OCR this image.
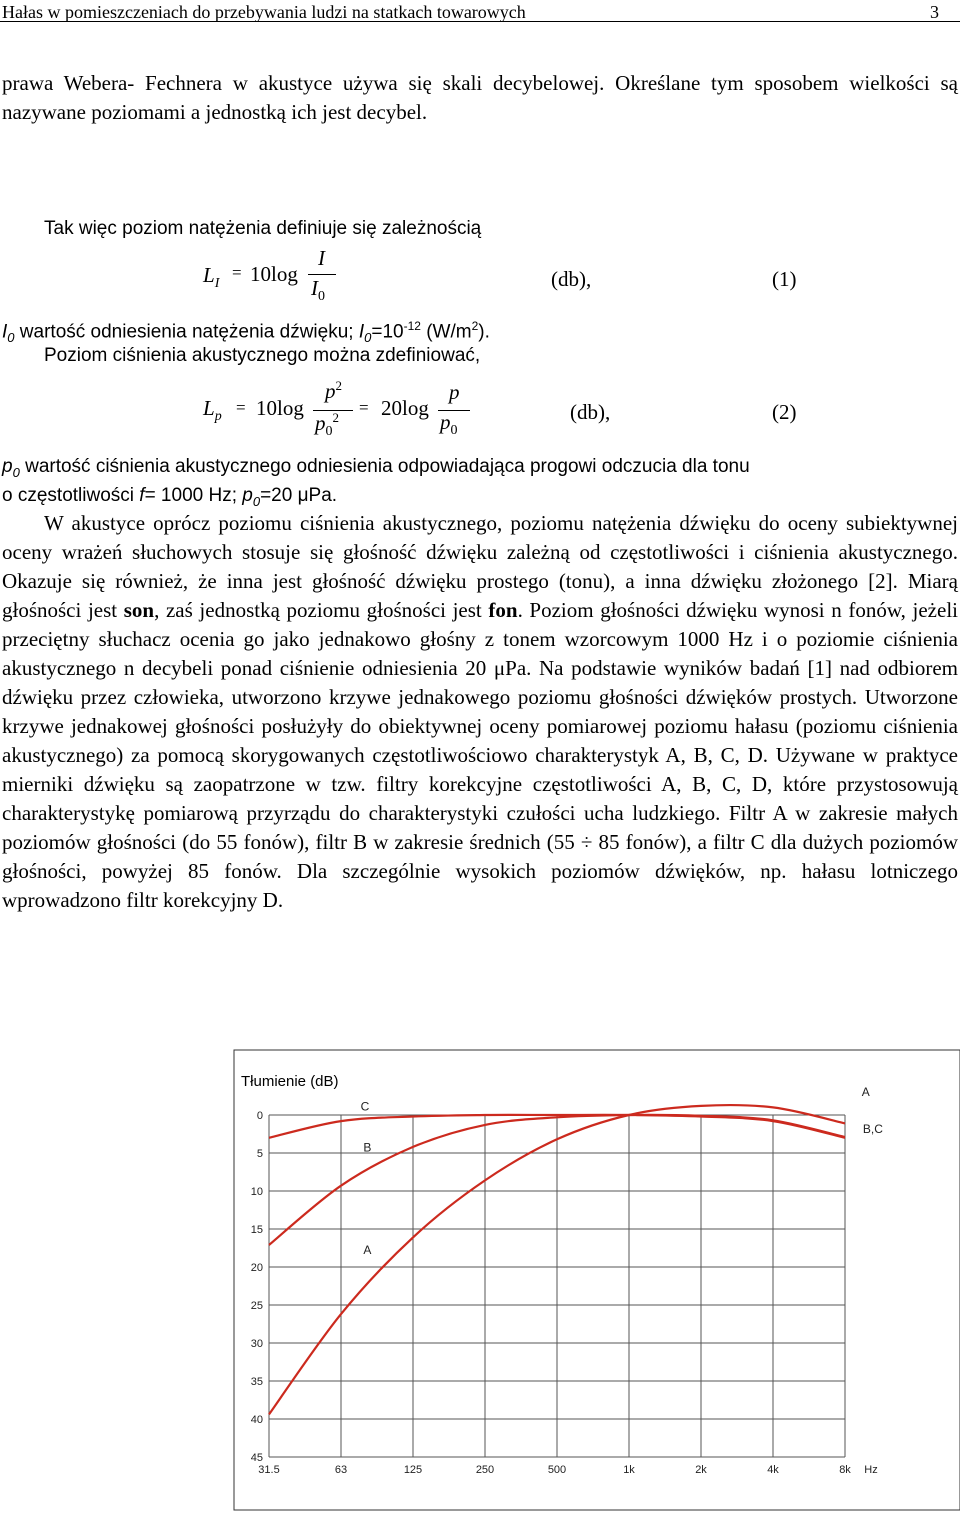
Hałas w pomieszczeniach do przebywania ludzi na statkach towarowych	3
prawa Webera- Fechnera w akustyce używa się skali decybelowej. Określane tym sposobem wielkości są nazywane poziomami a jednostką ich jest decybel.
Tak więc poziom natężenia definiuje się zależnością
$L_I$
= 10log
I
$I_0$
(db),	(1)
$I_0$ wartość odniesienia natężenia dźwięku; $I_0=10^{-12}$ $(W/m^2)$.
Poziom ciśnienia akustycznego można zdefiniować,
$L_p = 10\log$
$p^2$
$p_0^2$
= 20log
p
$p_0$
(db),	(2)
$p_0$ wartość ciśnienia akustycznego odniesienia odpowiadająca progowi odczucia dla tonu
o częstotliwości f= 1000 Hz; $p_0=20$ μPa.
W akustyce oprócz poziomu ciśnienia akustycznego, poziomu natężenia dźwięku do oceny subiektywnej oceny wrażeń słuchowych stosuje się głośność dźwięku zależną od częstotliwości i ciśnienia akustycznego. Okazuje się również, że inna jest głośność dźwięku prostego (tonu), a inna dźwięku złożonego [2]. Miarą głośności jest son, zaś jednostką poziomu głośności jest fon. Poziom głośności dźwięku wynosi n fonów, jeżeli przeciętny słuchacz ocenia go jako jednakowo głośny z tonem wzorcowym 1000 Hz i o poziomie ciśnienia akustycznego n decybeli ponad ciśnienie odniesienia 20 μPa. Na podstawie wyników badań [1] nad odbiorem dźwięku przez człowieka, utworzono krzywe jednakowego poziomu głośności dźwięków prostych. Utworzone krzywe jednakowej głośności posłużyły do obiektywnej oceny pomiarowej poziomu hałasu (poziomu ciśnienia akustycznego) za pomocą skorygowanych częstotliwościowo charakterystyk A, B, C, D. Używane w praktyce mierniki dźwięku są zaopatrzone w tzw. filtry korekcyjne częstotliwości A, B, C, D, które przystosowują charakterystykę pomiarową przyrządu do charakterystyki czułości ucha ludzkiego. Filtr A w zakresie małych poziomów głośności (do 55 fonów), filtr B w zakresie średnich (55 ÷ 85 fonów), a filtr C dla dużych poziomów głośności, powyżej 85 fonów. Dla szczególnie wysokich poziomów dźwięków, np. hałasu lotniczego wprowadzono filtr korekcyjny D.
Tłumienie (dB)
0
5
10
15
20
25
30
35
40
45
31.5	63	125	250	500	1k	2k	4k	8k Hz
A
B,C
C
B
A
